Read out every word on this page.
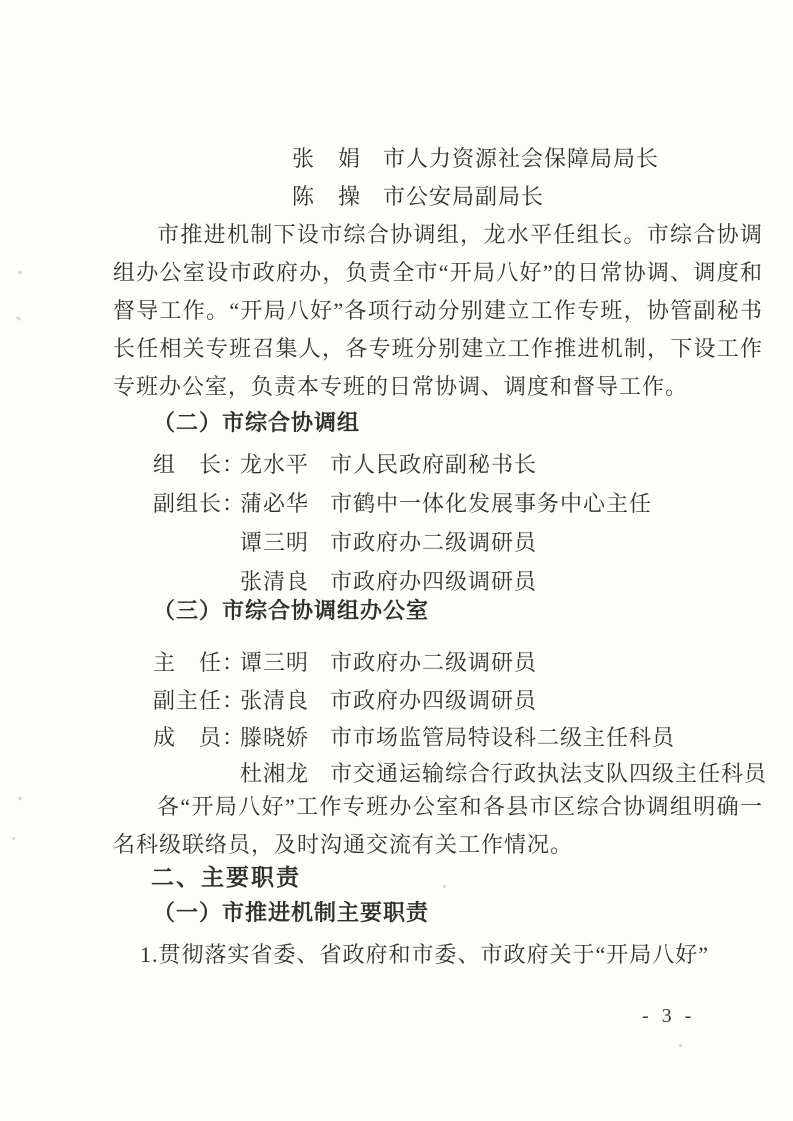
张　娟 市人力资源社会保障局局长
陈　操 市公安局副局长
市推进机制下设市综合协调组，龙水平任组长。市综合协调组办公室设市政府办，负责全市“开局八好”的日常协调、调度和督导工作。“开局八好”各项行动分别建立工作专班，协管副秘书长任相关专班召集人，各专班分别建立工作推进机制，下设工作专班办公室，负责本专班的日常协调、调度和督导工作。
（二）市综合协调组
组　长：
龙水平 市人民政府副秘书长
副组长：
蒲必华 市鹤中一体化发展事务中心主任
谭三明 市政府办二级调研员
张清良 市政府办四级调研员
（三）市综合协调组办公室
主　任：
谭三明 市政府办二级调研员
副主任：
张清良 市政府办四级调研员
成　员：
滕晓娇 市市场监管局特设科二级主任科员
杜湘龙 市交通运输综合行政执法支队四级主任科员
各“开局八好”工作专班办公室和各县市区综合协调组明确一名科级联络员，及时沟通交流有关工作情况。
二、主要职责
（一）市推进机制主要职责
1.贯彻落实省委、省政府和市委、市政府关于“开局八好”
- 3 -
